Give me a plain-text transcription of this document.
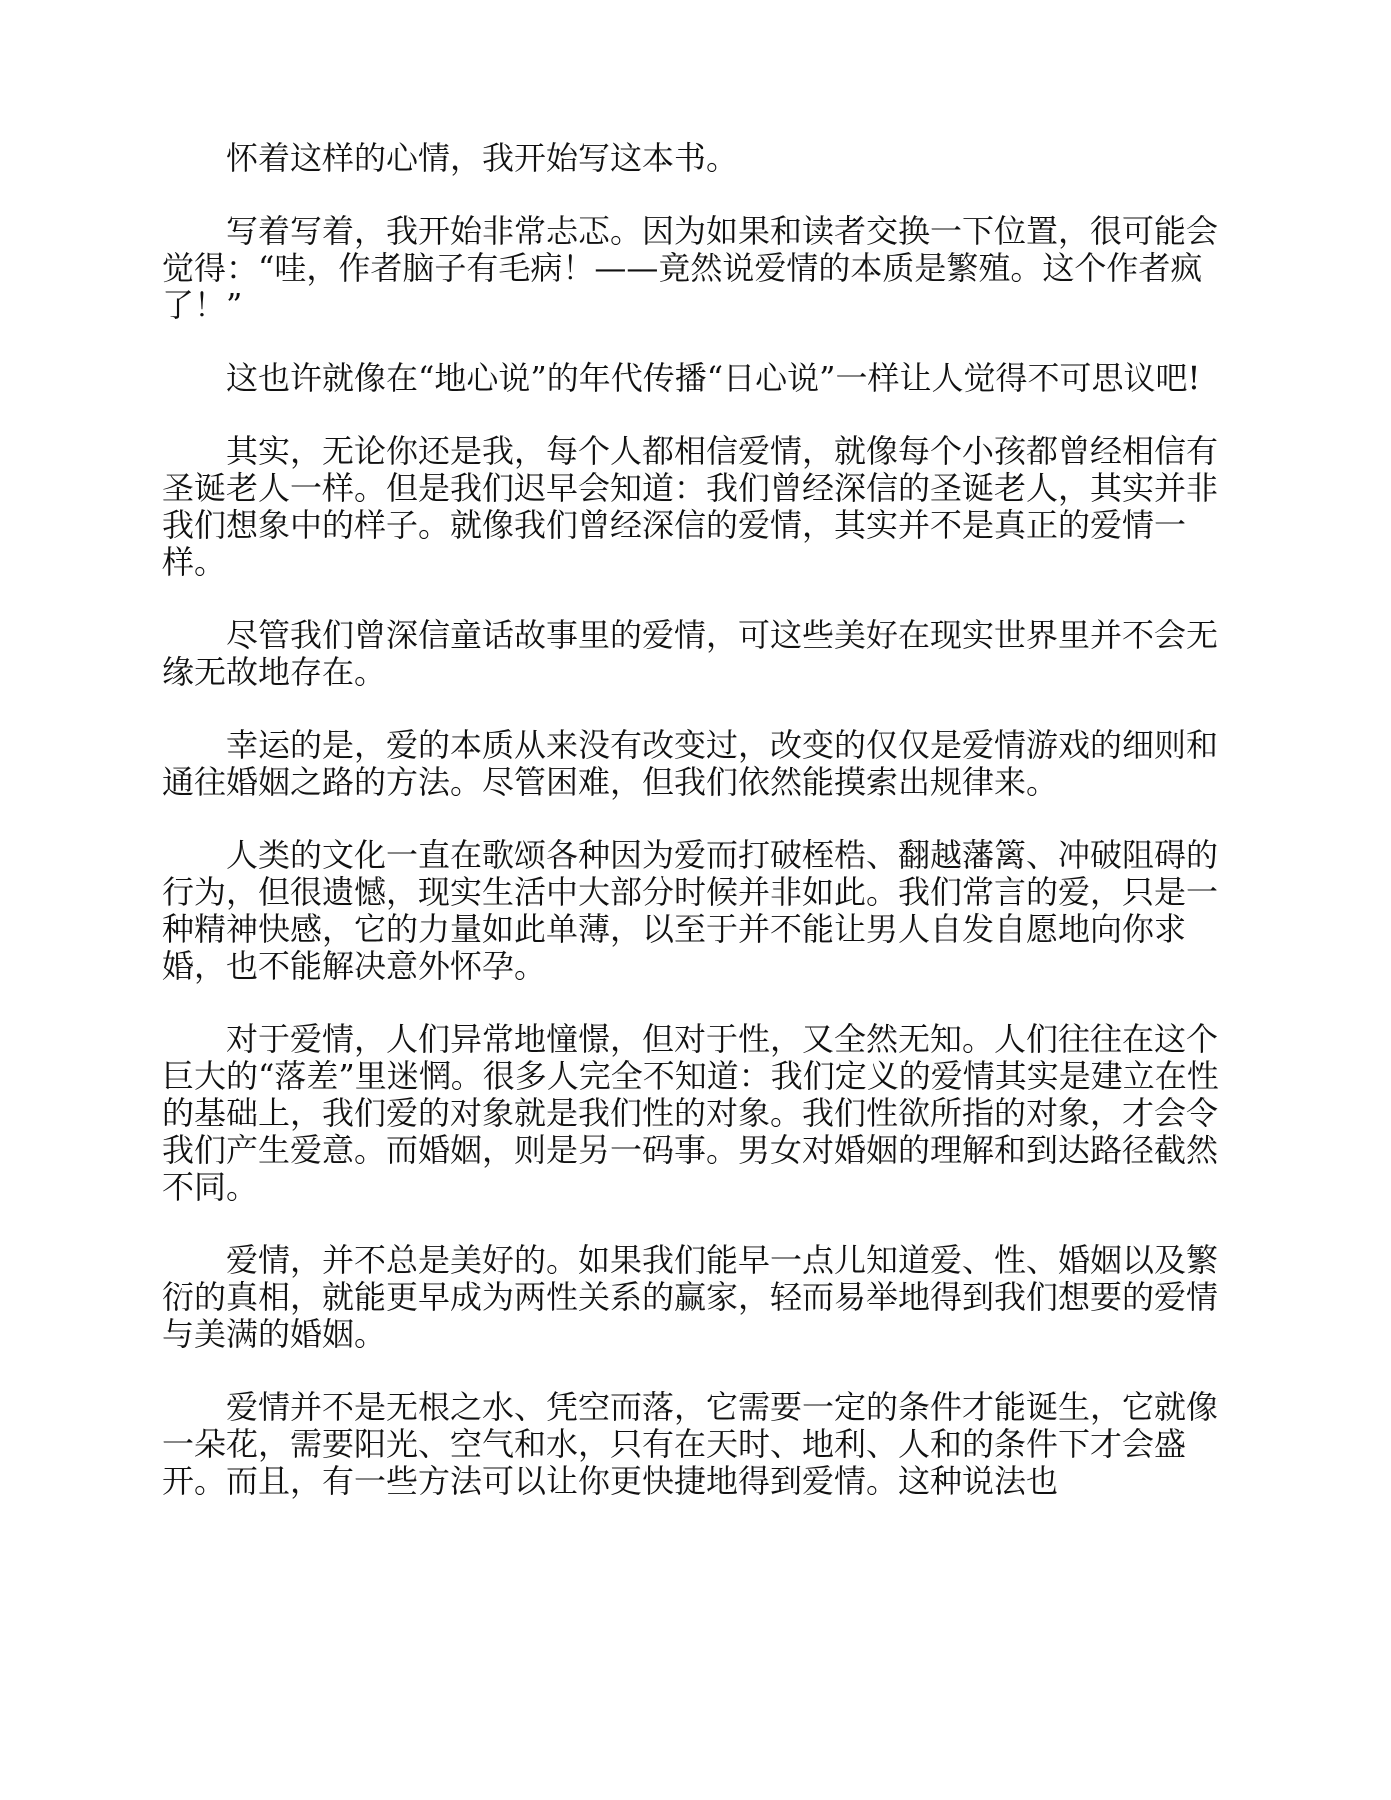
怀着这样的心情，我开始写这本书。

写着写着，我开始非常忐忑。因为如果和读者交换一下位置，很可能会觉得：“哇，作者脑子有毛病！——竟然说爱情的本质是繁殖。这个作者疯了！”

这也许就像在“地心说”的年代传播“日心说”一样让人觉得不可思议吧!

其实，无论你还是我，每个人都相信爱情，就像每个小孩都曾经相信有圣诞老人一样。但是我们迟早会知道：我们曾经深信的圣诞老人，其实并非我们想象中的样子。就像我们曾经深信的爱情，其实并不是真正的爱情一样。

尽管我们曾深信童话故事里的爱情，可这些美好在现实世界里并不会无缘无故地存在。

幸运的是，爱的本质从来没有改变过，改变的仅仅是爱情游戏的细则和通往婚姻之路的方法。尽管困难，但我们依然能摸索出规律来。

人类的文化一直在歌颂各种因为爱而打破桎梏、翻越藩篱、冲破阻碍的行为，但很遗憾，现实生活中大部分时候并非如此。我们常言的爱，只是一种精神快感，它的力量如此单薄，以至于并不能让男人自发自愿地向你求婚，也不能解决意外怀孕。

对于爱情，人们异常地憧憬，但对于性，又全然无知。人们往往在这个巨大的“落差”里迷惘。很多人完全不知道：我们定义的爱情其实是建立在性的基础上，我们爱的对象就是我们性的对象。我们性欲所指的对象，才会令我们产生爱意。而婚姻，则是另一码事。男女对婚姻的理解和到达路径截然不同。

爱情，并不总是美好的。如果我们能早一点儿知道爱、性、婚姻以及繁衍的真相，就能更早成为两性关系的赢家，轻而易举地得到我们想要的爱情与美满的婚姻。

爱情并不是无根之水、凭空而落，它需要一定的条件才能诞生，它就像一朵花，需要阳光、空气和水，只有在天时、地利、人和的条件下才会盛开。而且，有一些方法可以让你更快捷地得到爱情。这种说法也
